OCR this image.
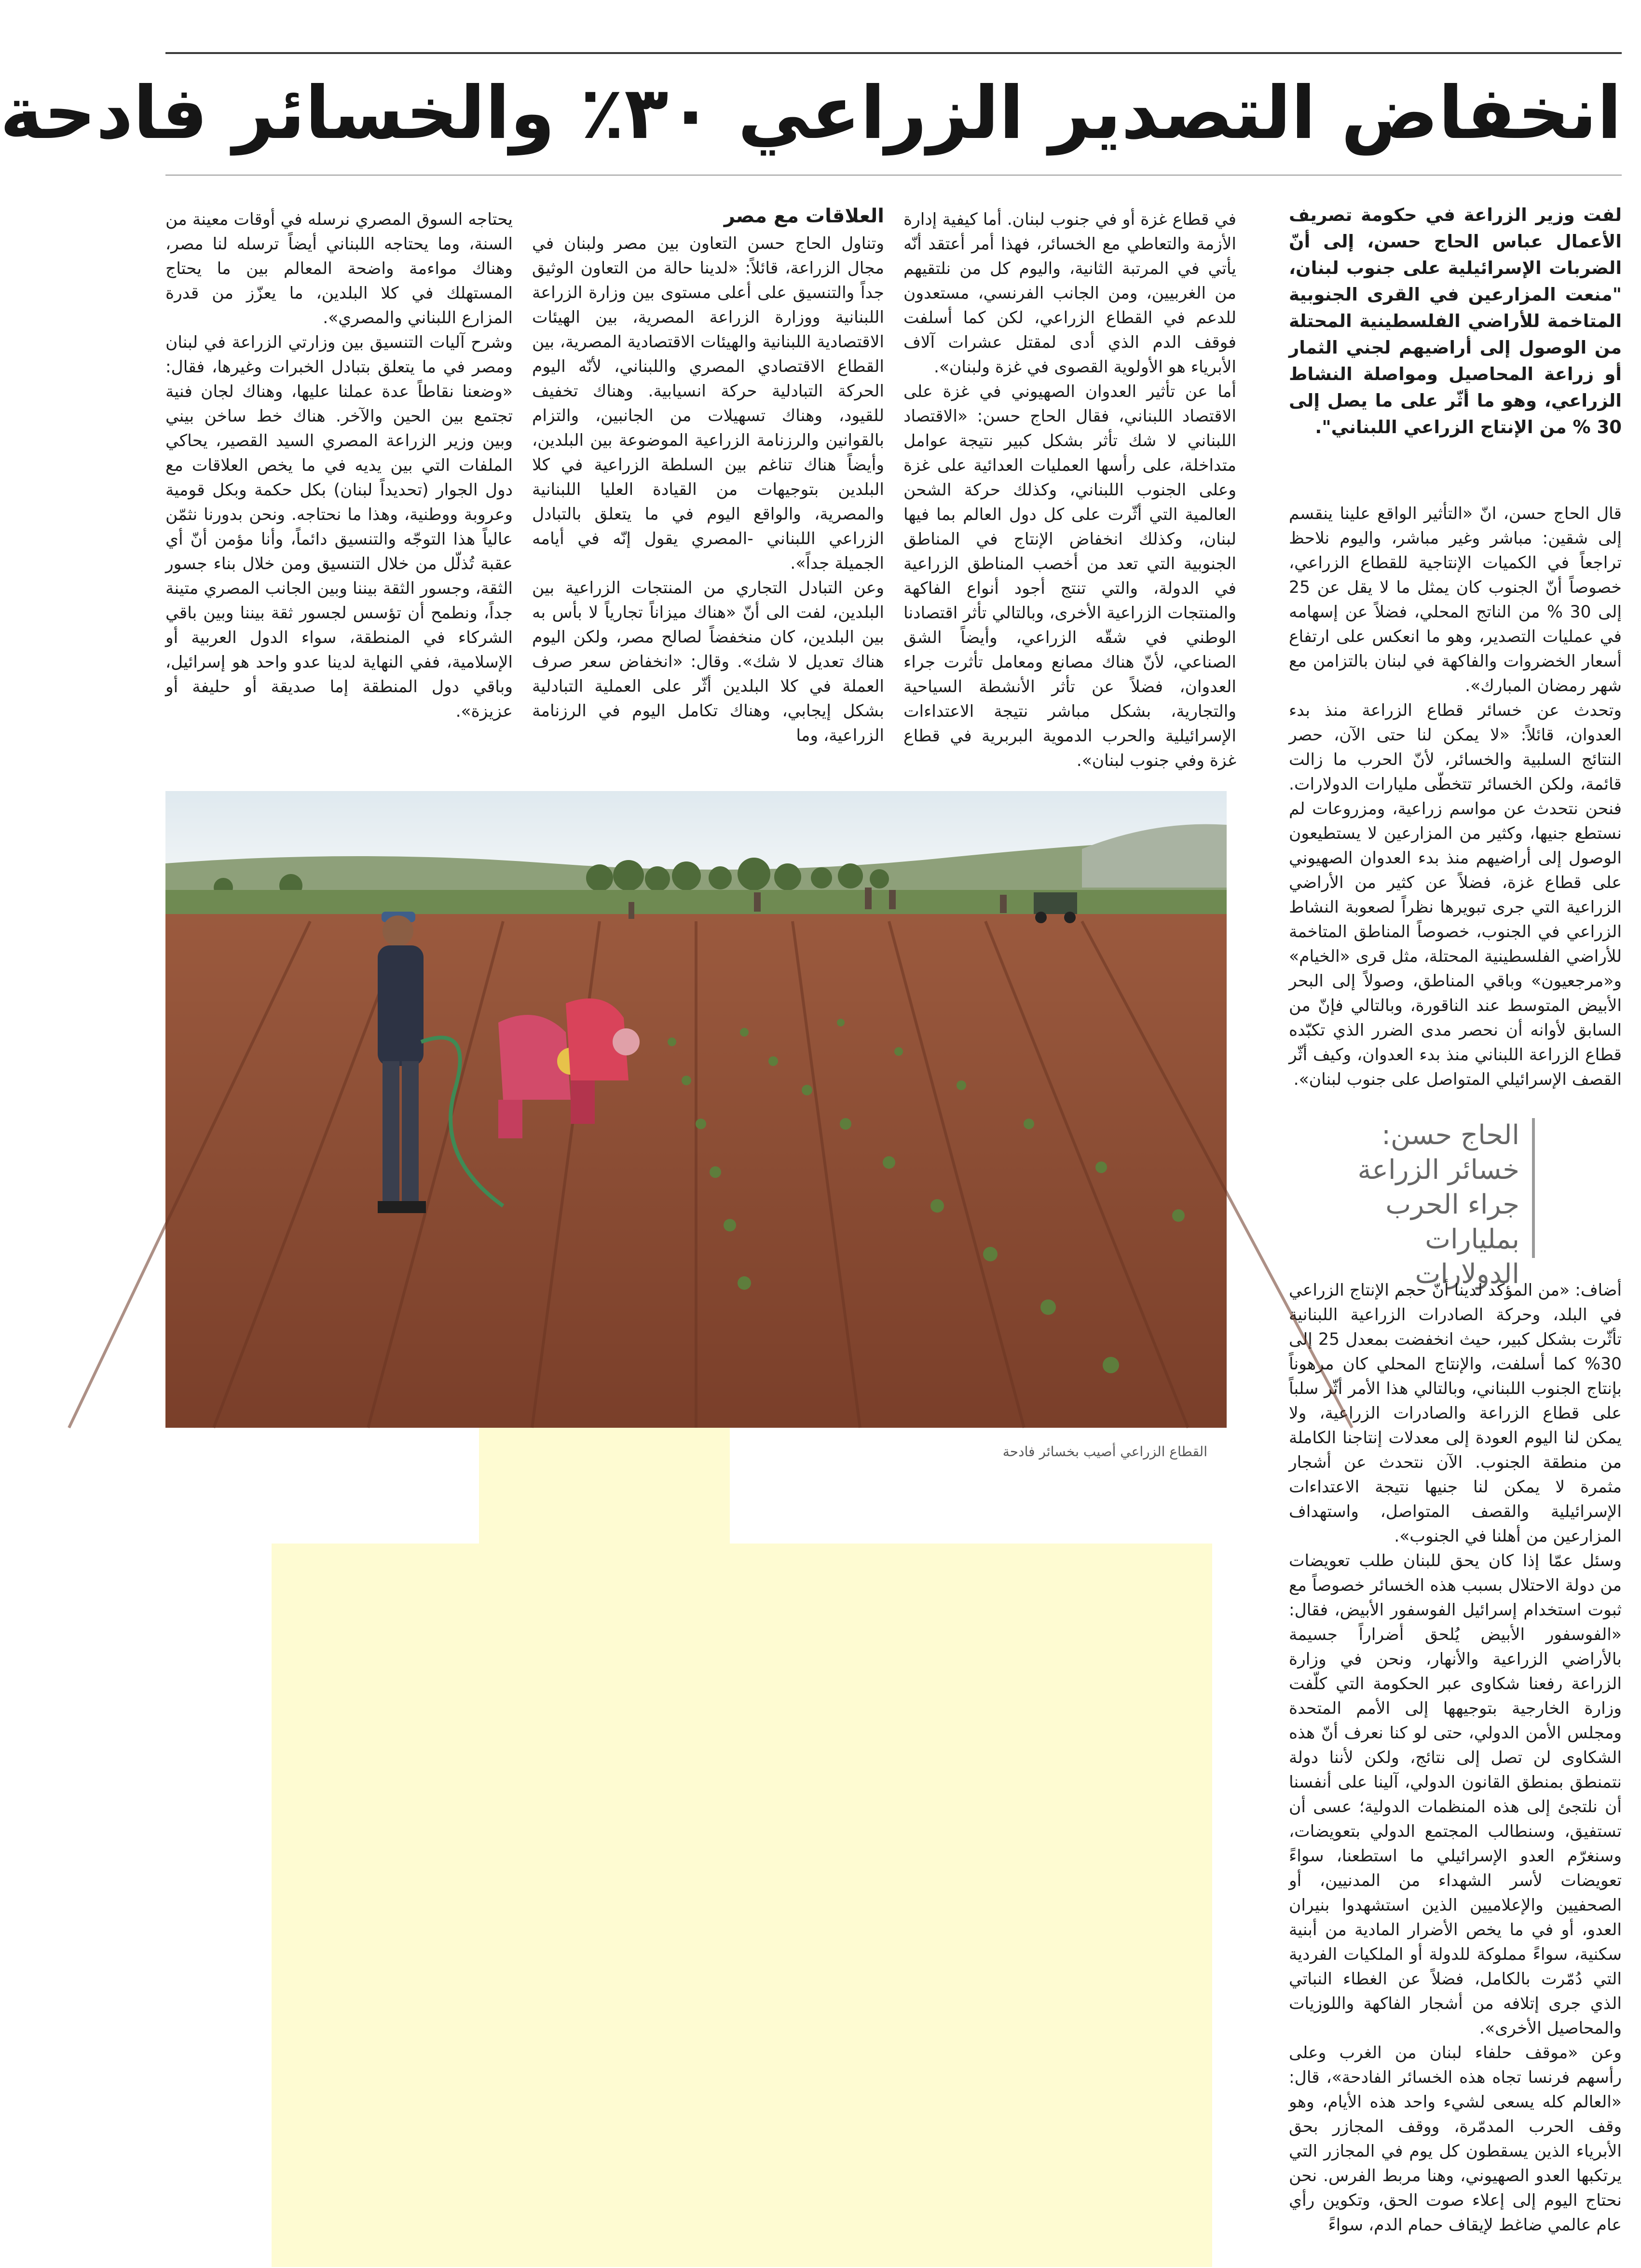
انخفاض التصدير الزراعي ٣٠٪ والخسائر فادحة

لفت وزير الزراعة في حكومة تصريف الأعمال عباس الحاج حسن، إلى أنّ الضربات الإسرائيلية على جنوب لبنان، "منعت المزارعين في القرى الجنوبية المتاخمة للأراضي الفلسطينية المحتلة من الوصول إلى أراضيهم لجني الثمار أو زراعة المحاصيل ومواصلة النشاط الزراعي، وهو ما أثّر على ما يصل إلى 30 % من الإنتاج الزراعي اللبناني".

قال الحاج حسن، انّ «التأثير الواقع علينا ينقسم إلى شقين: مباشر وغير مباشر، واليوم نلاحظ تراجعاً في الكميات الإنتاجية للقطاع الزراعي، خصوصاً أنّ الجنوب كان يمثل ما لا يقل عن 25 إلى 30 % من الناتج المحلي، فضلاً عن إسهامه في عمليات التصدير، وهو ما انعكس على ارتفاع أسعار الخضروات والفاكهة في لبنان بالتزامن مع شهر رمضان المبارك».

وتحدث عن خسائر قطاع الزراعة منذ بدء العدوان، قائلاً: «لا يمكن لنا حتى الآن، حصر النتائج السلبية والخسائر، لأنّ الحرب ما زالت قائمة، ولكن الخسائر تتخطّى مليارات الدولارات. فنحن نتحدث عن مواسم زراعية، ومزروعات لم نستطع جنيها، وكثير من المزارعين لا يستطيعون الوصول إلى أراضيهم منذ بدء العدوان الصهيوني على قطاع غزة، فضلاً عن كثير من الأراضي الزراعية التي جرى تبويرها نظراً لصعوبة النشاط الزراعي في الجنوب، خصوصاً المناطق المتاخمة للأراضي الفلسطينية المحتلة، مثل قرى «الخيام» و«مرجعيون» وباقي المناطق، وصولاً إلى البحر الأبيض المتوسط عند الناقورة، وبالتالي فإنّ من السابق لأوانه أن نحصر مدى الضرر الذي تكبّده قطاع الزراعة اللبناني منذ بدء العدوان، وكيف أثّر القصف الإسرائيلي المتواصل على جنوب لبنان».

الحاج حسن: خسائر الزراعة جراء الحرب بمليارات الدولارات

أضاف: «من المؤكد لدينا أنّ حجم الإنتاج الزراعي في البلد، وحركة الصادرات الزراعية اللبنانية تأثّرت بشكل كبير، حيث انخفضت بمعدل 25 إلى 30% كما أسلفت، والإنتاج المحلي كان مرهوناً بإنتاج الجنوب اللبناني، وبالتالي هذا الأمر أثّر سلباً على قطاع الزراعة والصادرات الزراعية، ولا يمكن لنا اليوم العودة إلى معدلات إنتاجنا الكاملة من منطقة الجنوب. الآن نتحدث عن أشجار مثمرة لا يمكن لنا جنيها نتيجة الاعتداءات الإسرائيلية والقصف المتواصل، واستهداف المزارعين من أهلنا في الجنوب».

وسئل عمّا إذا كان يحق للبنان طلب تعويضات من دولة الاحتلال بسبب هذه الخسائر خصوصاً مع ثبوت استخدام إسرائيل الفوسفور الأبيض، فقال: «الفوسفور الأبيض يُلحق أضراراً جسيمة بالأراضي الزراعية والأنهار، ونحن في وزارة الزراعة رفعنا شكاوى عبر الحكومة التي كلّفت وزارة الخارجية بتوجيهها إلى الأمم المتحدة ومجلس الأمن الدولي، حتى لو كنا نعرف أنّ هذه الشكاوى لن تصل إلى نتائج، ولكن لأننا دولة نتمنطق بمنطق القانون الدولي، آلينا على أنفسنا أن نلتجئ إلى هذه المنظمات الدولية؛ عسى أن تستفيق، وسنطالب المجتمع الدولي بتعويضات، وسنغرّم العدو الإسرائيلي ما استطعنا، سواءً تعويضات لأسر الشهداء من المدنيين، أو الصحفيين والإعلاميين الذين استشهدوا بنيران العدو، أو في ما يخص الأضرار المادية من أبنية سكنية، سواءً مملوكة للدولة أو الملكيات الفردية التي دُمّرت بالكامل، فضلاً عن الغطاء النباتي الذي جرى إتلافه من أشجار الفاكهة واللوزيات والمحاصيل الأخرى».

وعن «موقف حلفاء لبنان من الغرب وعلى رأسهم فرنسا تجاه هذه الخسائر الفادحة»، قال: «العالم كله يسعى لشيء واحد هذه الأيام، وهو وقف الحرب المدمّرة، ووقف المجازر بحق الأبرياء الذين يسقطون كل يوم في المجازر التي يرتكبها العدو الصهيوني، وهنا مربط الفرس. نحن نحتاج اليوم إلى إعلاء صوت الحق، وتكوين رأي عام عالمي ضاغط لإيقاف حمام الدم، سواءً

في قطاع غزة أو في جنوب لبنان. أما كيفية إدارة الأزمة والتعاطي مع الخسائر، فهذا أمر أعتقد أنّه يأتي في المرتبة الثانية، واليوم كل من نلتقيهم من الغربيين، ومن الجانب الفرنسي، مستعدون للدعم في القطاع الزراعي، لكن كما أسلفت فوقف الدم الذي أدى لمقتل عشرات آلاف الأبرياء هو الأولوية القصوى في غزة ولبنان».

أما عن تأثير العدوان الصهيوني في غزة على الاقتصاد اللبناني، فقال الحاج حسن: «الاقتصاد اللبناني لا شك تأثر بشكل كبير نتيجة عوامل متداخلة، على رأسها العمليات العدائية على غزة وعلى الجنوب اللبناني، وكذلك حركة الشحن العالمية التي أثّرت على كل دول العالم بما فيها لبنان، وكذلك انخفاض الإنتاج في المناطق الجنوبية التي تعد من أخصب المناطق الزراعية في الدولة، والتي تنتج أجود أنواع الفاكهة والمنتجات الزراعية الأخرى، وبالتالي تأثر اقتصادنا الوطني في شقّه الزراعي، وأيضاً الشق الصناعي، لأنّ هناك مصانع ومعامل تأثرت جراء العدوان، فضلاً عن تأثر الأنشطة السياحية والتجارية، بشكل مباشر نتيجة الاعتداءات الإسرائيلية والحرب الدموية البربرية في قطاع غزة وفي جنوب لبنان».

العلاقات مع مصر

وتناول الحاج حسن التعاون بين مصر ولبنان في مجال الزراعة، قائلاً: «لدينا حالة من التعاون الوثيق جداً والتنسيق على أعلى مستوى بين وزارة الزراعة اللبنانية ووزارة الزراعة المصرية، بين الهيئات الاقتصادية اللبنانية والهيئات الاقتصادية المصرية، بين القطاع الاقتصادي المصري واللبناني، لأنّه اليوم الحركة التبادلية حركة انسيابية. وهناك تخفيف للقيود، وهناك تسهيلات من الجانبين، والتزام بالقوانين والرزنامة الزراعية الموضوعة بين البلدين، وأيضاً هناك تناغم بين السلطة الزراعية في كلا البلدين بتوجيهات من القيادة العليا اللبنانية والمصرية، والواقع اليوم في ما يتعلق بالتبادل الزراعي اللبناني -المصري يقول إنّه في أيامه الجميلة جداً».

وعن التبادل التجاري من المنتجات الزراعية بين البلدين، لفت الى أنّ «هناك ميزاناً تجارياً لا بأس به بين البلدين، كان منخفضاً لصالح مصر، ولكن اليوم هناك تعديل لا شك». وقال: «انخفاض سعر صرف العملة في كلا البلدين أثّر على العملية التبادلية بشكل إيجابي، وهناك تكامل اليوم في الرزنامة الزراعية، وما

يحتاجه السوق المصري نرسله في أوقات معينة من السنة، وما يحتاجه اللبناني أيضاً ترسله لنا مصر، وهناك مواءمة واضحة المعالم بين ما يحتاج المستهلك في كلا البلدين، ما يعزّز من قدرة المزارع اللبناني والمصري».

وشرح آليات التنسيق بين وزارتي الزراعة في لبنان ومصر في ما يتعلق بتبادل الخبرات وغيرها، فقال: «وضعنا نقاطاً عدة عملنا عليها، وهناك لجان فنية تجتمع بين الحين والآخر. هناك خط ساخن بيني وبين وزير الزراعة المصري السيد القصير، يحاكي الملفات التي بين يديه في ما يخص العلاقات مع دول الجوار (تحديداً لبنان) بكل حكمة وبكل قومية وعروبة ووطنية، وهذا ما نحتاجه. ونحن بدورنا نثمّن عالياً هذا التوجّه والتنسيق دائماً، وأنا مؤمن أنّ أي عقبة تُذلّل من خلال التنسيق ومن خلال بناء جسور الثقة، وجسور الثقة بيننا وبين الجانب المصري متينة جداً، ونطمح أن تؤسس لجسور ثقة بيننا وبين باقي الشركاء في المنطقة، سواء الدول العربية أو الإسلامية، ففي النهاية لدينا عدو واحد هو إسرائيل، وباقي دول المنطقة إما صديقة أو حليفة أو عزيزة».

القطاع الزراعي أصيب بخسائر فادحة
